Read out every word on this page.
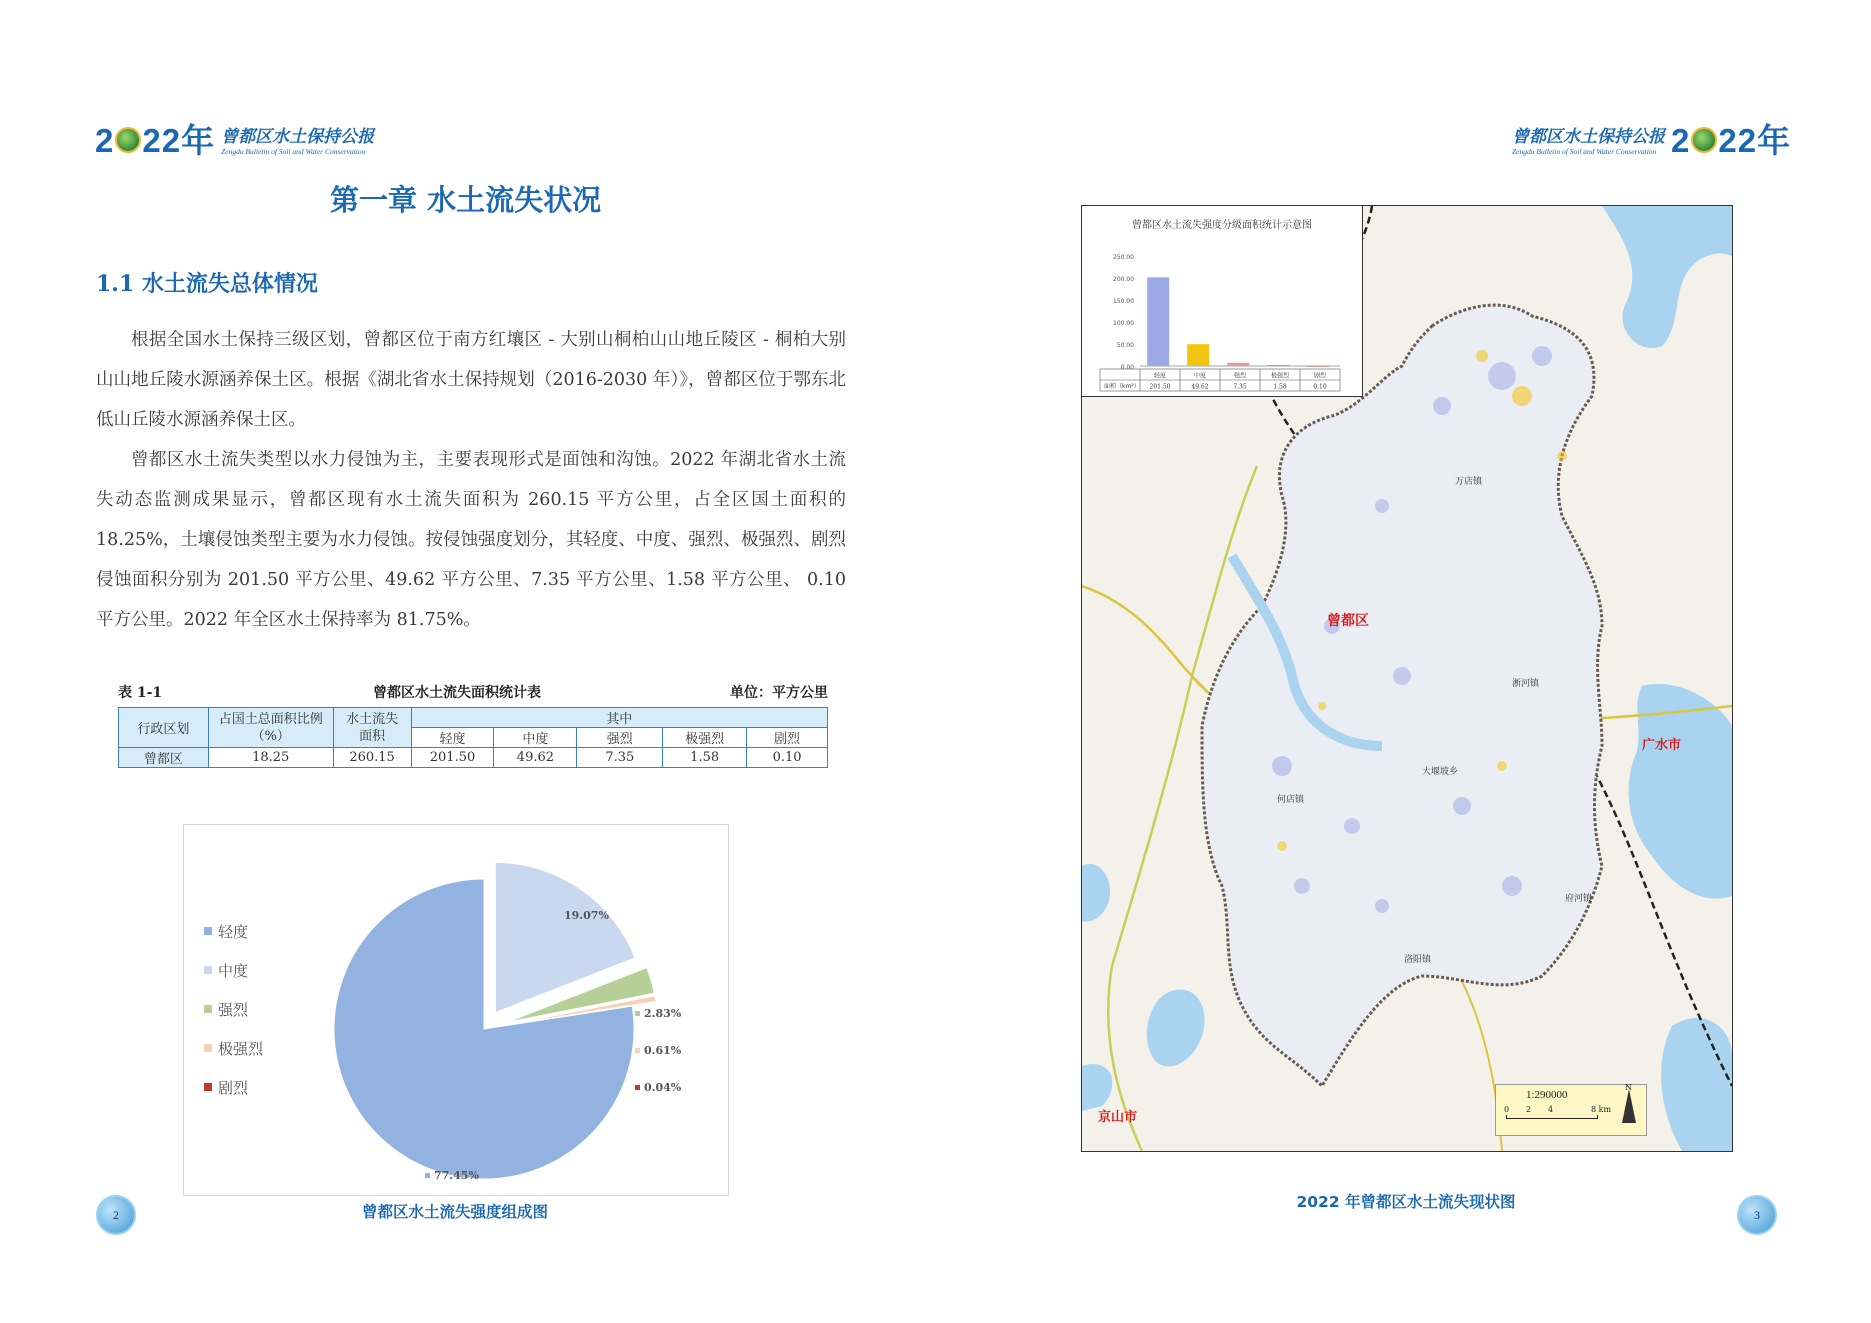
2 22年 曾都区水土保持公报
Zengdu Bulletin of Soil and Water Conservation
第一章 水土流失状况
1.1 水土流失总体情况

根据全国水土保持三级区划，曾都区位于南方红壤区 - 大别山桐柏山山地丘陵区 - 桐柏大别山山地丘陵水源涵养保土区。根据《湖北省水土保持规划（2016-2030 年）》，曾都区位于鄂东北低山丘陵水源涵养保土区。

曾都区水土流失类型以水力侵蚀为主，主要表现形式是面蚀和沟蚀。2022 年湖北省水土流失动态监测成果显示，曾都区现有水土流失面积为 260.15 平方公里，占全区国土面积的 18.25%，土壤侵蚀类型主要为水力侵蚀。按侵蚀强度划分，其轻度、中度、强烈、极强烈、剧烈侵蚀面积分别为 201.50 平方公里、49.62 平方公里、7.35 平方公里、1.58 平方公里、 0.10 平方公里。2022 年全区水土保持率为 81.75%。

表 1-1	曾都区水土流失面积统计表	单位：平方公里
行政区划	占国土总面积比例（%）	水土流失面积	其中				
			轻度	中度	强烈	极强烈	剧烈
曾都区	18.25	260.15	201.50	49.62	7.35	1.58	0.10
轻度
中度
强烈
极强烈
剧烈
77.45%
19.07%
2.83%
0.61%
0.04%
曾都区水土流失强度组成图
2
曾都区水土保持公报
Zengdu Bulletin of Soil and Water Conservation 2 22年
曾都区水土流失强度分级面积统计示意图
250.00
200.00
150.00
100.00
50.00
0.00
面积（km²）
轻度
201.50
中度
49.62
强烈
7.35
极强烈
1.58
剧烈
0.10
曾都区
广水市
京山市
万店镇
淅河镇
大堰坡乡
何店镇
府河镇
洛阳镇
1:290000
0 2 4	8 km
N
2022 年曾都区水土流失现状图
3
